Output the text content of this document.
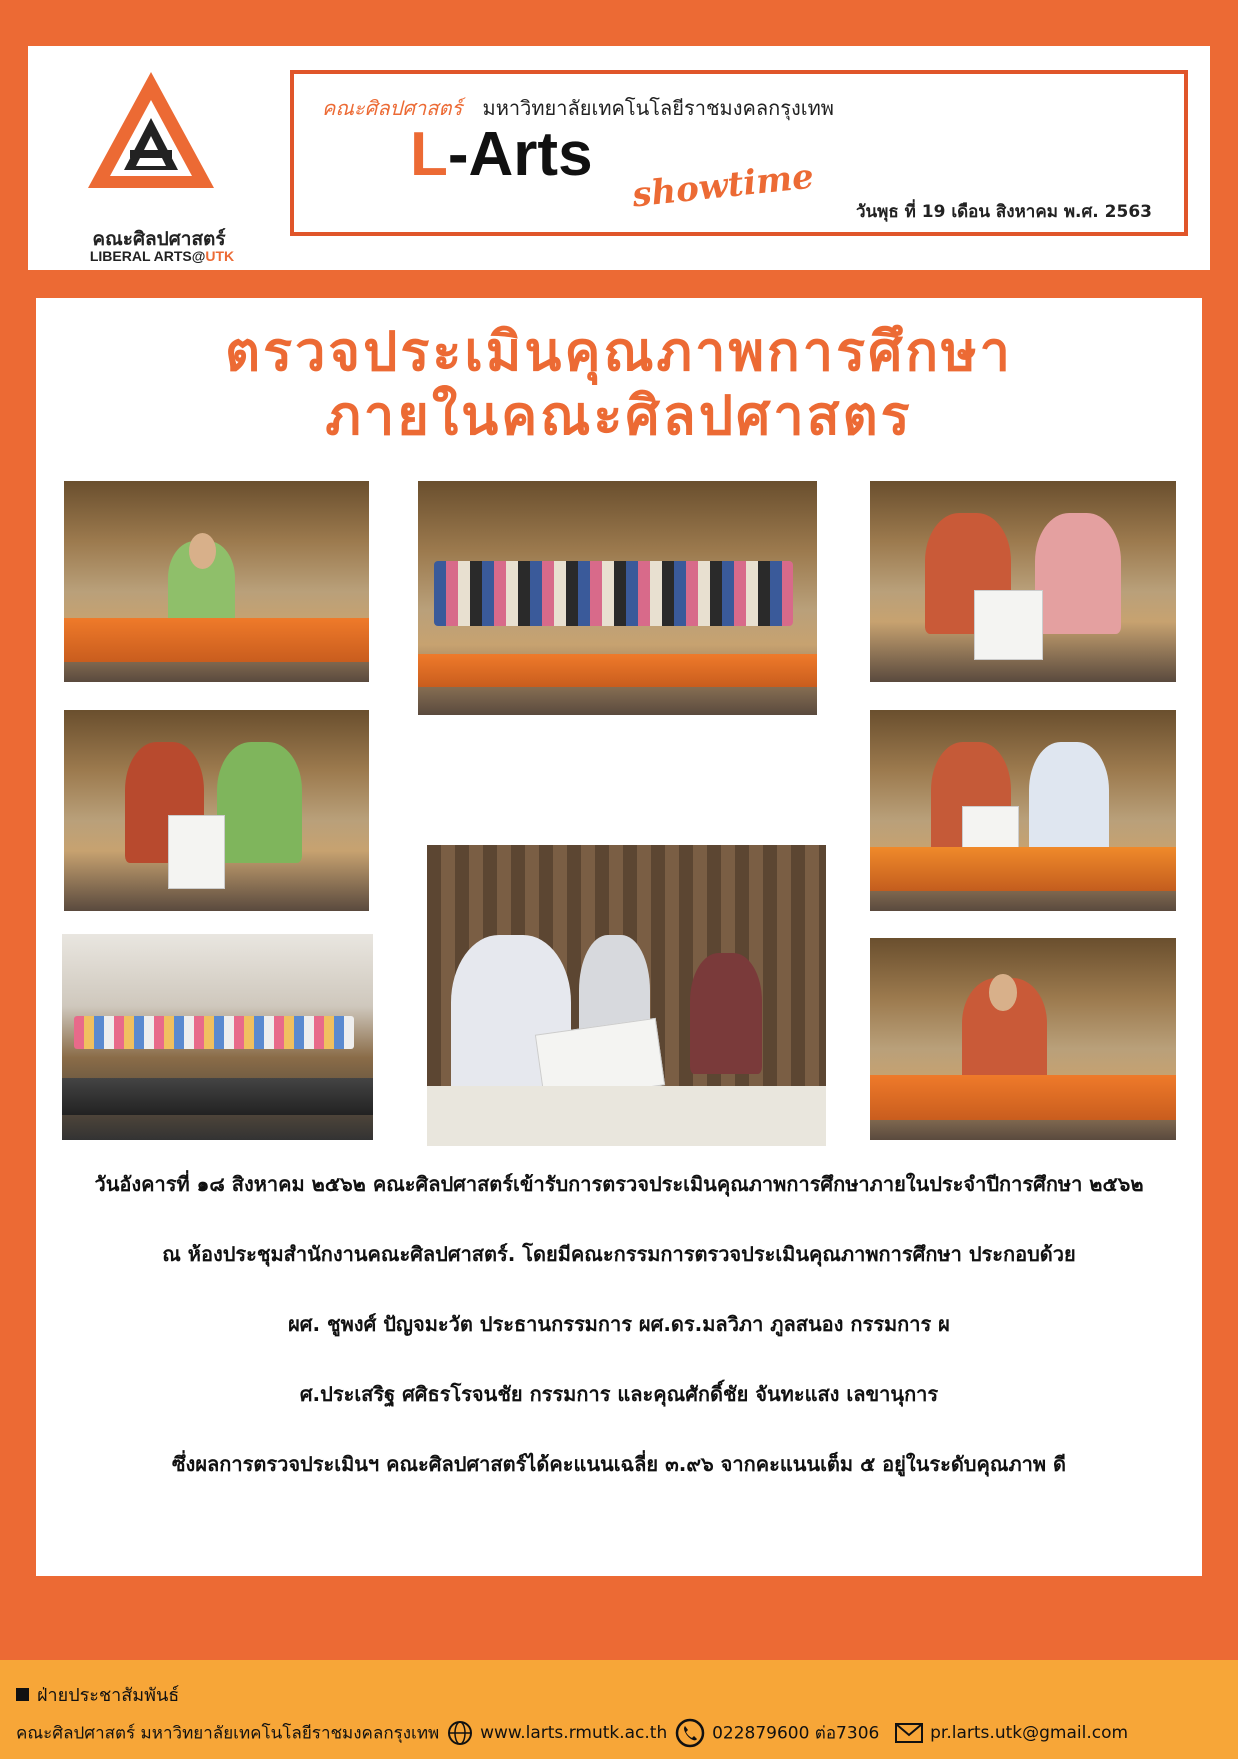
คณะศิลปศาสตร์
LIBERAL ARTS@UTK
คณะศิลปศาสตร์ มหาวิทยาลัยเทคโนโลยีราชมงคลกรุงเทพ
L-Arts showtime วันพุธ ที่ 19 เดือน สิงหาคม พ.ศ. 2563
ตรวจประเมินคุณภาพการศึกษา
ภายในคณะศิลปศาสตร
วันอังคารที่ ๑๘ สิงหาคม ๒๕๖๒ คณะศิลปศาสตร์เข้ารับการตรวจประเมินคุณภาพการศึกษาภายในประจำปีการศึกษา ๒๕๖๒
ณ ห้องประชุมสำนักงานคณะศิลปศาสตร์. โดยมีคณะกรรมการตรวจประเมินคุณภาพการศึกษา ประกอบด้วย
ผศ. ชูพงศ์ ปัญจมะวัต ประธานกรรมการ ผศ.ดร.มลวิภา ภูลสนอง กรรมการ ผ
ศ.ประเสริฐ ศศิธรโรจนชัย กรรมการ และคุณศักดิ์ชัย จันทะแสง เลขานุการ
ซึ่งผลการตรวจประเมินฯ คณะศิลปศาสตร์ได้คะแนนเฉลี่ย ๓.๙๖ จากคะแนนเต็ม ๕ อยู่ในระดับคุณภาพ ดี
ฝ่ายประชาสัมพันธ์
คณะศิลปศาสตร์ มหาวิทยาลัยเทคโนโลยีราชมงคลกรุงเทพ www.larts.rmutk.ac.th	022879600 ต่อ7306	pr.larts.utk@gmail.com
